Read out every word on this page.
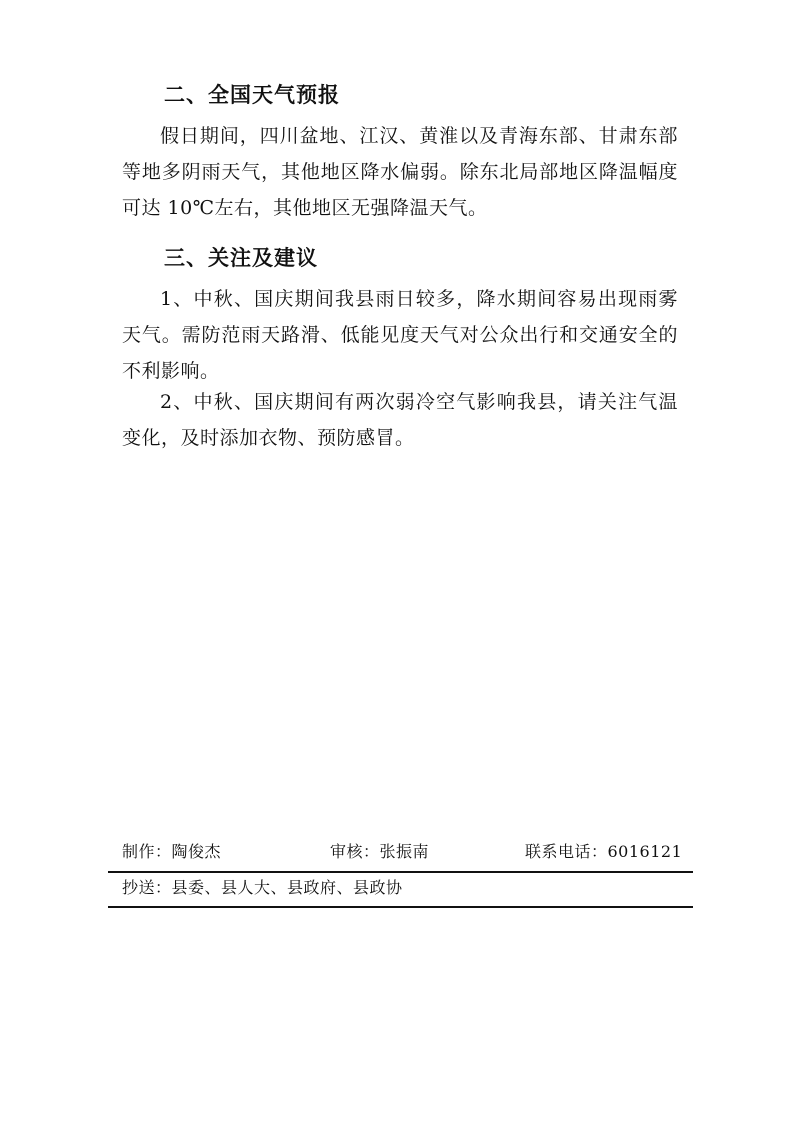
二、全国天气预报

假日期间，四川盆地、江汉、黄淮以及青海东部、甘肃东部等地多阴雨天气，其他地区降水偏弱。除东北局部地区降温幅度可达 10℃左右，其他地区无强降温天气。

三、关注及建议

1、中秋、国庆期间我县雨日较多，降水期间容易出现雨雾天气。需防范雨天路滑、低能见度天气对公众出行和交通安全的不利影响。

2、中秋、国庆期间有两次弱冷空气影响我县，请关注气温变化，及时添加衣物、预防感冒。

制作：陶俊杰	审核：张振南	联系电话：6016121
抄送：县委、县人大、县政府、县政协
